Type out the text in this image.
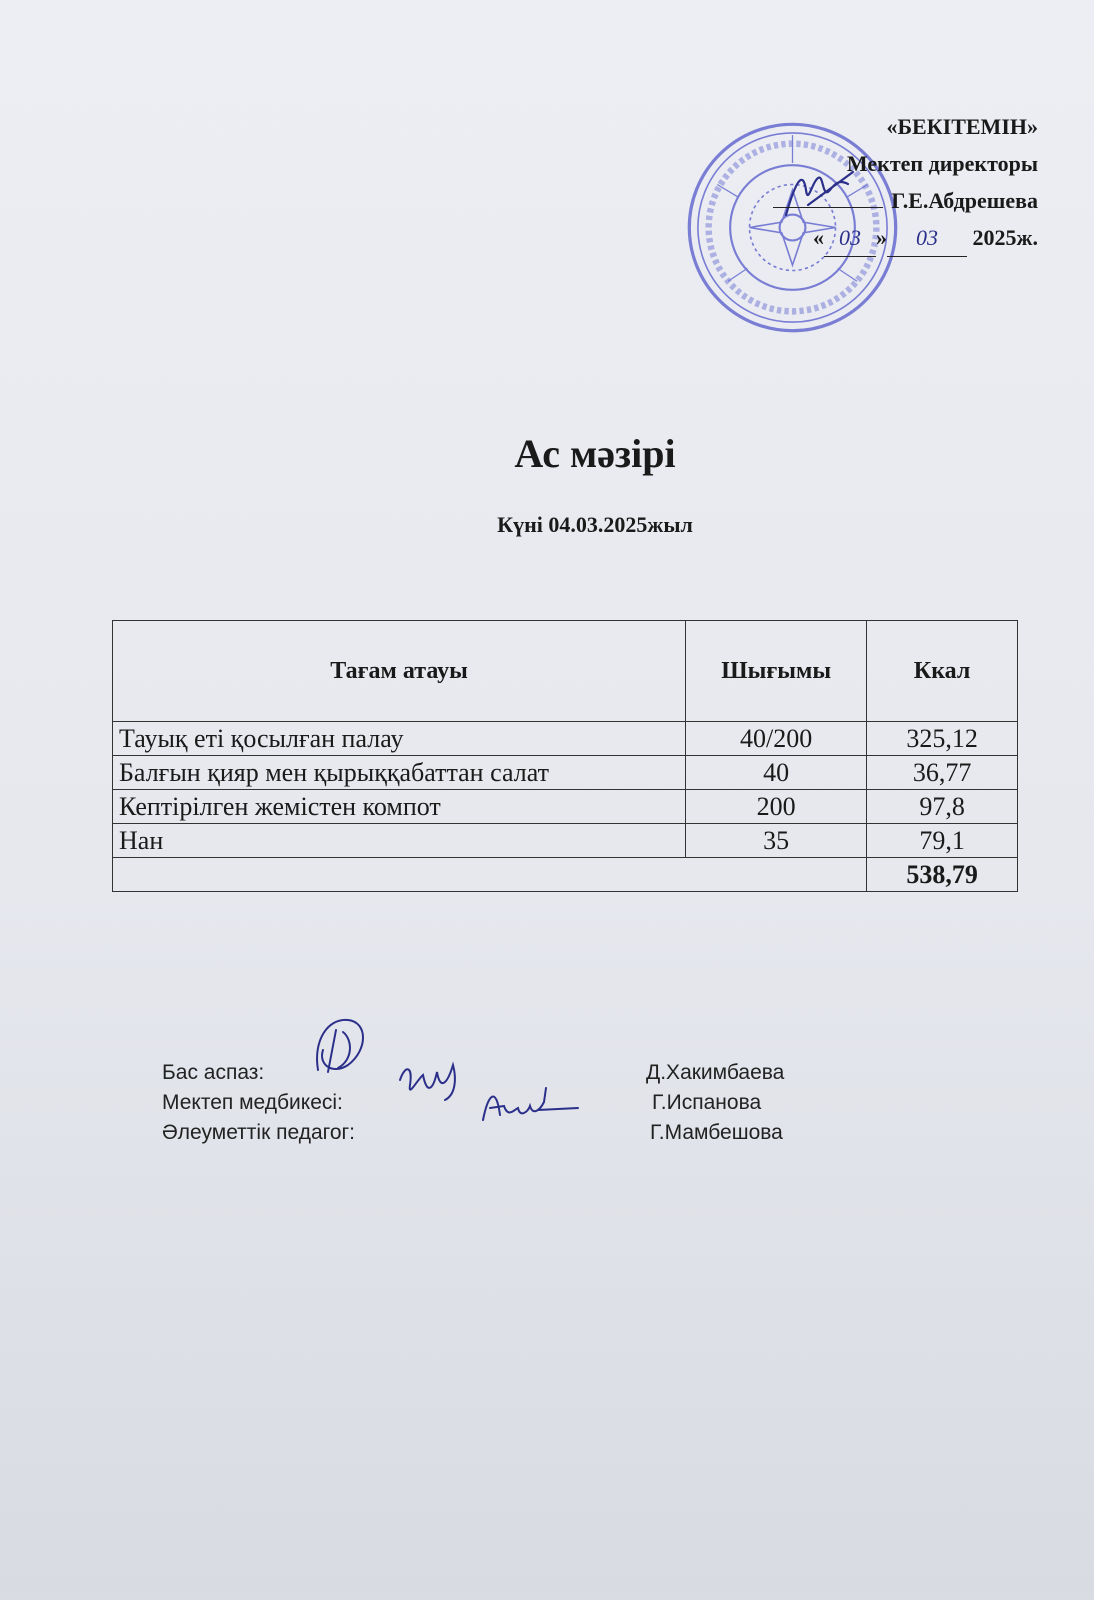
«БЕКІТЕМІН»
Мектеп директоры
Г.Е.Абдрешева
« 03 » 03 2025ж.
Ас мәзірі
Күні 04.03.2025жыл
Тағам атауы	Шығымы	Ккал
Тауық еті қосылған палау	40/200	325,12
Балғын қияр мен қырыққабаттан салат	40	36,77
Кептірілген жемістен компот	200	97,8
Нан	35	79,1
		538,79
Бас аспаз:	Д.Хакимбаева
Мектеп медбикесі:	Г.Испанова
Әлеуметтік педагог:	Г.Мамбешова
